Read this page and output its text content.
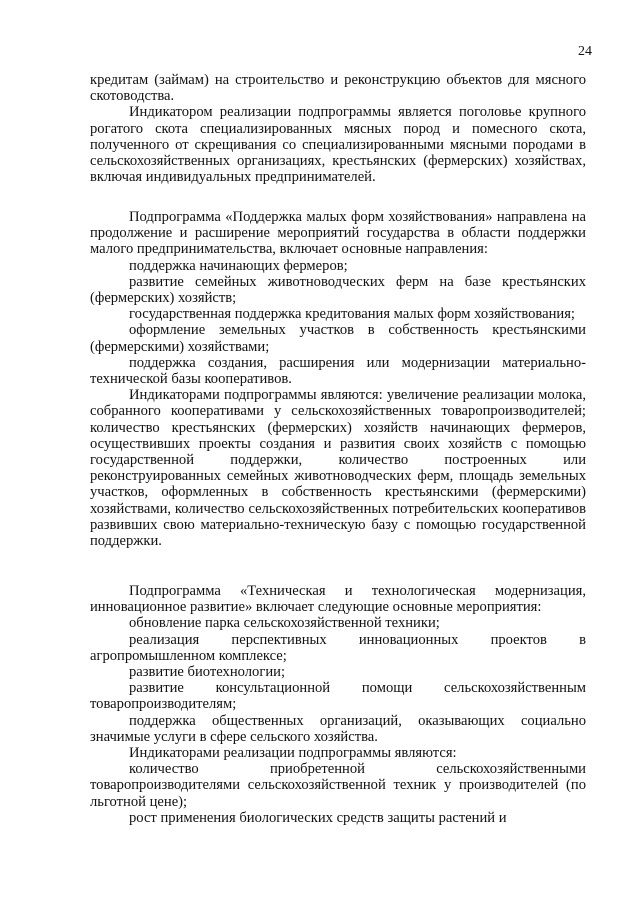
24

кредитам (займам) на строительство и реконструкцию объектов для мясного скотоводства.

Индикатором реализации подпрограммы является поголовье крупного рогатого скота специализированных мясных пород и помесного скота, полученного от скрещивания со специализированными мясными породами в сельскохозяйственных организациях, крестьянских (фермерских) хозяйствах, включая индивидуальных предпринимателей.

Подпрограмма «Поддержка малых форм хозяйствования» направлена на продолжение и расширение мероприятий государства в области поддержки малого предпринимательства, включает основные направления:

поддержка начинающих фермеров;

развитие семейных животноводческих ферм на базе крестьянских (фермерских) хозяйств;

государственная поддержка кредитования малых форм хозяйствования;

оформление земельных участков в собственность крестьянскими (фермерскими) хозяйствами;

поддержка создания, расширения или модернизации материально-технической базы кооперативов.

Индикаторами подпрограммы являются: увеличение реализации молока, собранного кооперативами у сельскохозяйственных товаропроизводителей; количество крестьянских (фермерских) хозяйств начинающих фермеров, осуществивших проекты создания и развития своих хозяйств с помощью государственной поддержки, количество построенных или реконструированных семейных животноводческих ферм, площадь земельных участков, оформленных в собственность крестьянскими (фермерскими) хозяйствами, количество сельскохозяйственных потребительских кооперативов развивших свою материально-техническую базу с помощью государственной поддержки.

Подпрограмма «Техническая и технологическая модернизация, инновационное развитие» включает следующие основные мероприятия:

обновление парка сельскохозяйственной техники;

реализация перспективных инновационных проектов в агропромышленном комплексе;

развитие биотехнологии;

развитие консультационной помощи сельскохозяйственным товаропроизводителям;

поддержка общественных организаций, оказывающих социально значимые услуги в сфере сельского хозяйства.

Индикаторами реализации подпрограммы являются:

количество приобретенной сельскохозяйственными товаропроизводителями сельскохозяйственной техник у производителей (по льготной цене);

рост применения биологических средств защиты растений и
